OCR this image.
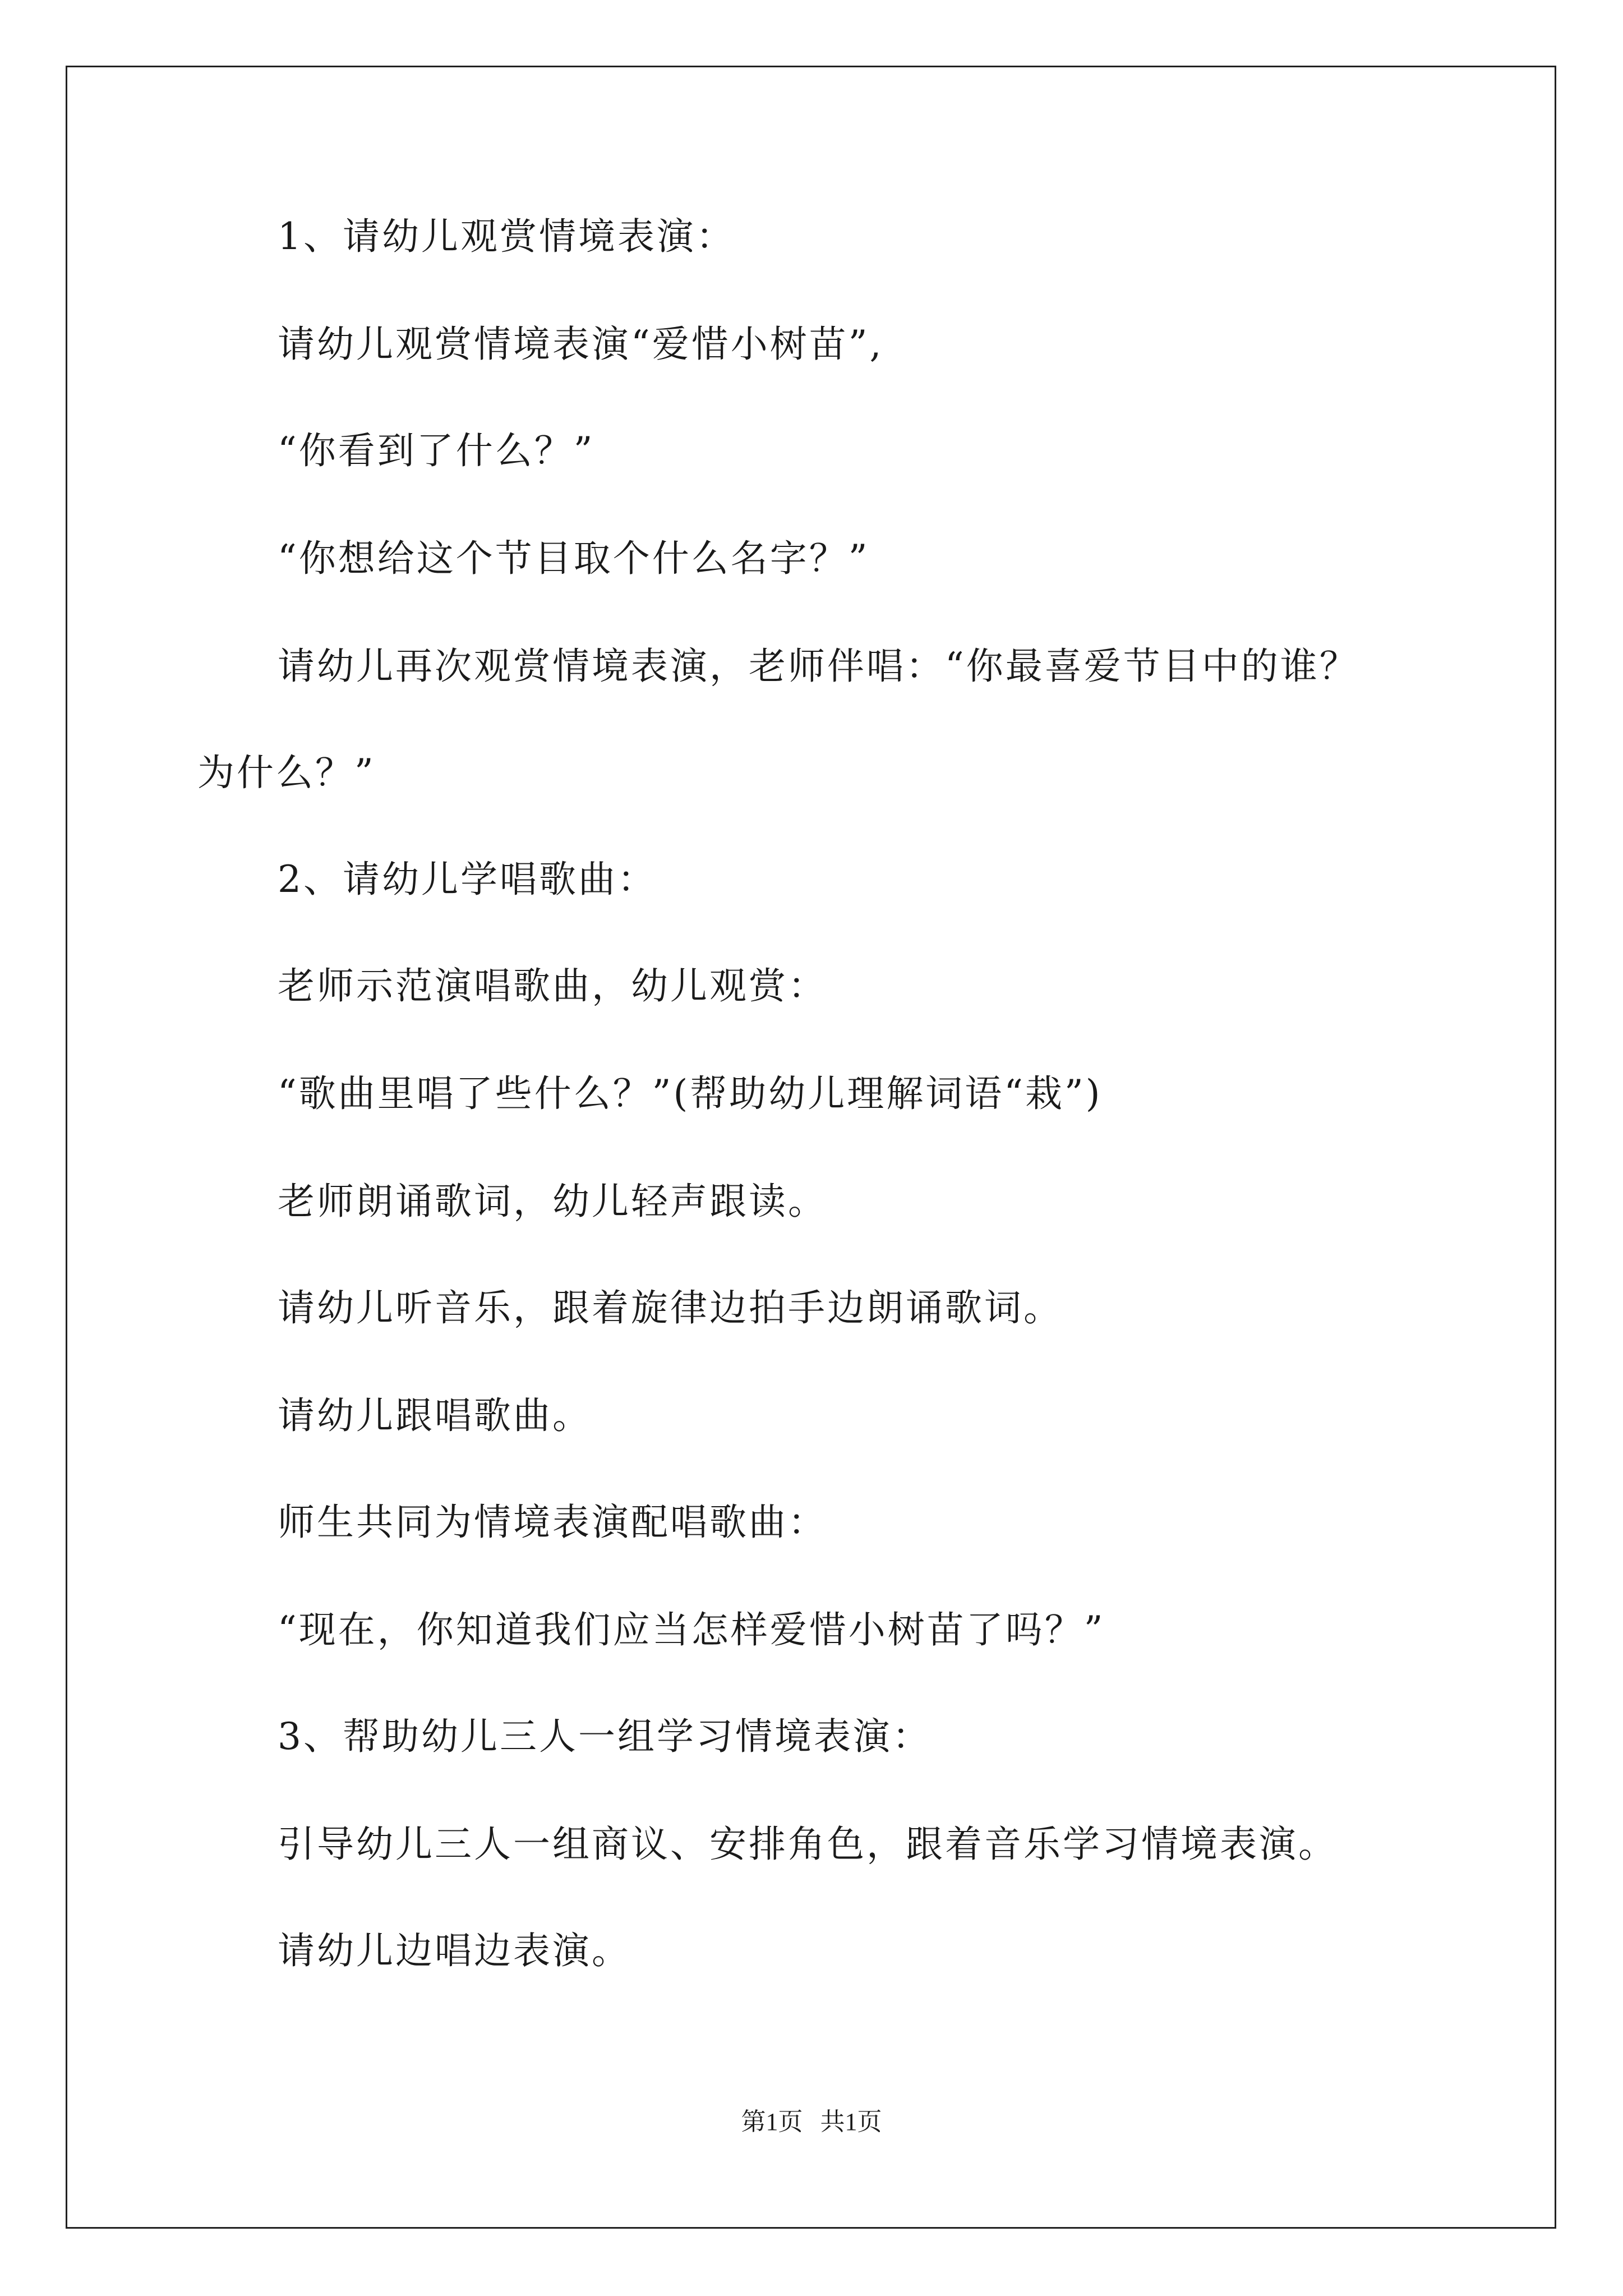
1、请幼儿观赏情境表演：
请幼儿观赏情境表演“爱惜小树苗”,
“你看到了什么？”
“你想给这个节目取个什么名字？”
请幼儿再次观赏情境表演，老师伴唱：“你最喜爱节目中的谁？
为什么？”
2、请幼儿学唱歌曲：
老师示范演唱歌曲，幼儿观赏：
“歌曲里唱了些什么？”(帮助幼儿理解词语“栽”)
老师朗诵歌词，幼儿轻声跟读。
请幼儿听音乐，跟着旋律边拍手边朗诵歌词。
请幼儿跟唱歌曲。
师生共同为情境表演配唱歌曲：
“现在，你知道我们应当怎样爱惜小树苗了吗？”
3、帮助幼儿三人一组学习情境表演：
引导幼儿三人一组商议、安排角色，跟着音乐学习情境表演。
请幼儿边唱边表演。
第1页 共1页
